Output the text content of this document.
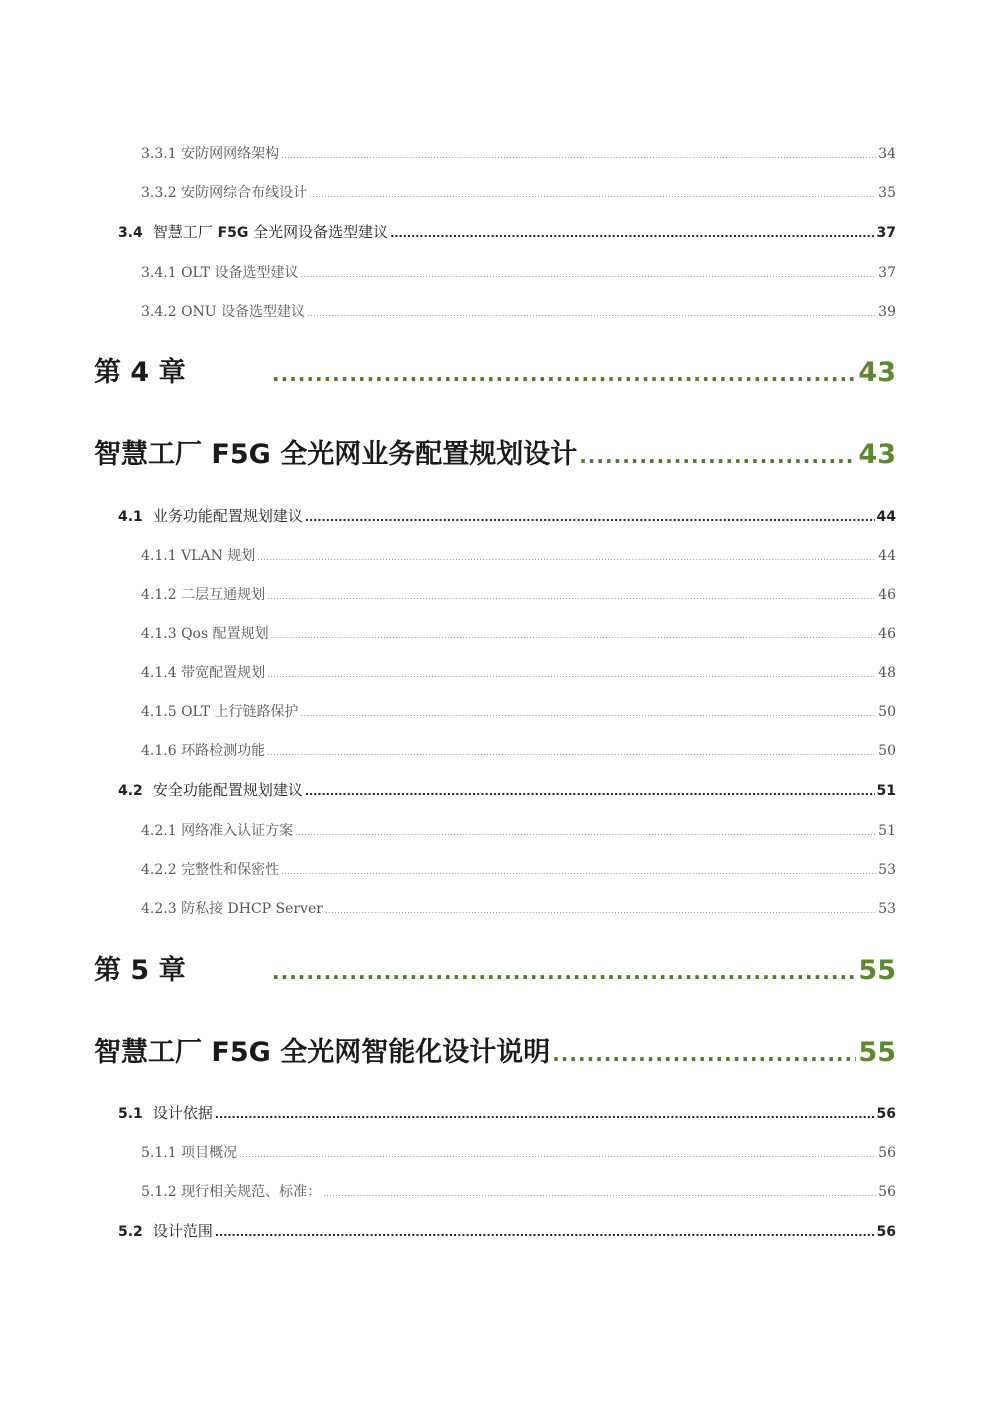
3.3.1 安防网网络架构 .....	34
3.3.2 安防网综合布线设计 .....	35
3.4 智慧工厂 F5G 全光网设备选型建议 .....	37
3.4.1 OLT 设备选型建议 .....	37
3.4.2 ONU 设备选型建议 .....	39
第 4 章 .....	43
智慧工厂 F5G 全光网业务配置规划设计 .....	43
4.1 业务功能配置规划建议 .....	44
4.1.1 VLAN 规划 .....	44
4.1.2 二层互通规划 .....	46
4.1.3 Qos 配置规划 .....	46
4.1.4 带宽配置规划 .....	48
4.1.5 OLT 上行链路保护 .....	50
4.1.6 环路检测功能 .....	50
4.2 安全功能配置规划建议 .....	51
4.2.1 网络准入认证方案 .....	51
4.2.2 完整性和保密性 .....	53
4.2.3 防私接 DHCP Server .....	53
第 5 章 .....	55
智慧工厂 F5G 全光网智能化设计说明 .....	55
5.1 设计依据 .....	56
5.1.1 项目概况 .....	56
5.1.2 现行相关规范、标准： .....	56
5.2 设计范围 .....	56
